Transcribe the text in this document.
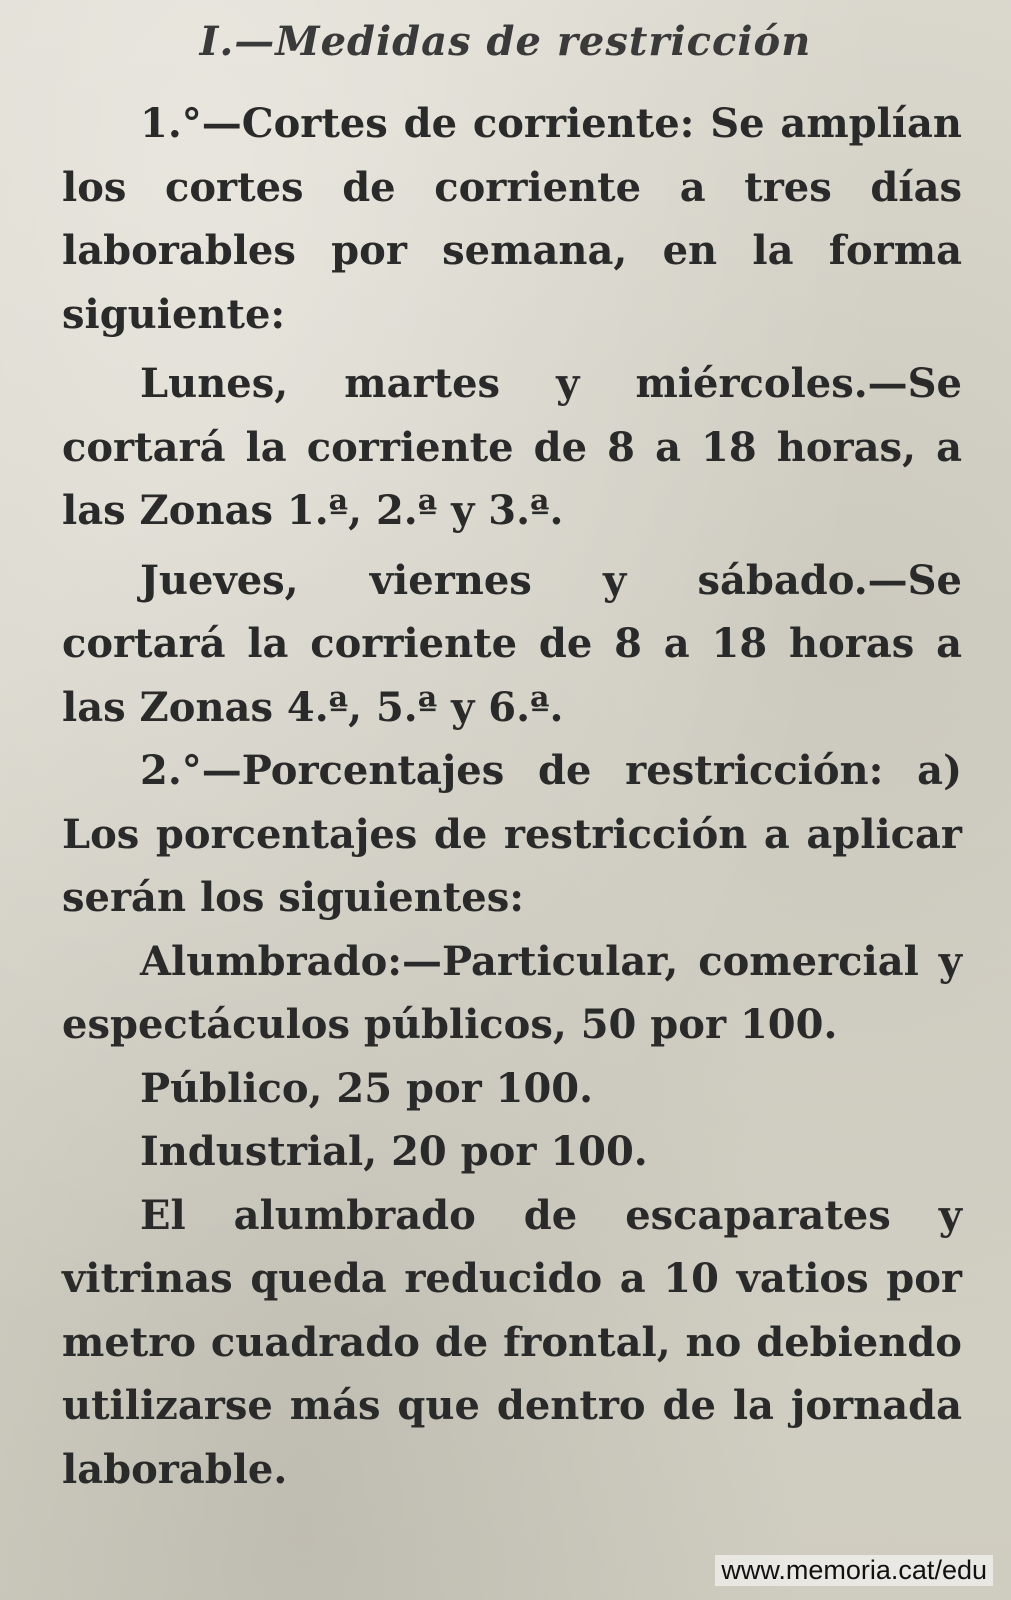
I.—Medidas de restricción

1.°—Cortes de corriente: Se amplían los cortes de corriente a tres días laborables por semana, en la forma siguiente:

Lunes, martes y miércoles.—Se cortará la corriente de 8 a 18 horas, a las Zonas 1.ª, 2.ª y 3.ª.

Jueves, viernes y sábado.—Se cortará la corriente de 8 a 18 horas a las Zonas 4.ª, 5.ª y 6.ª.

2.°—Porcentajes de restricción: a) Los porcentajes de restricción a aplicar serán los siguientes:

Alumbrado:—Particular, comercial y espectáculos públicos, 50 por 100.

Público, 25 por 100.

Industrial, 20 por 100.

El alumbrado de escaparates y vitrinas queda reducido a 10 vatios por metro cuadrado de frontal, no debiendo utilizarse más que dentro de la jornada laborable.

www.memoria.cat/edu
